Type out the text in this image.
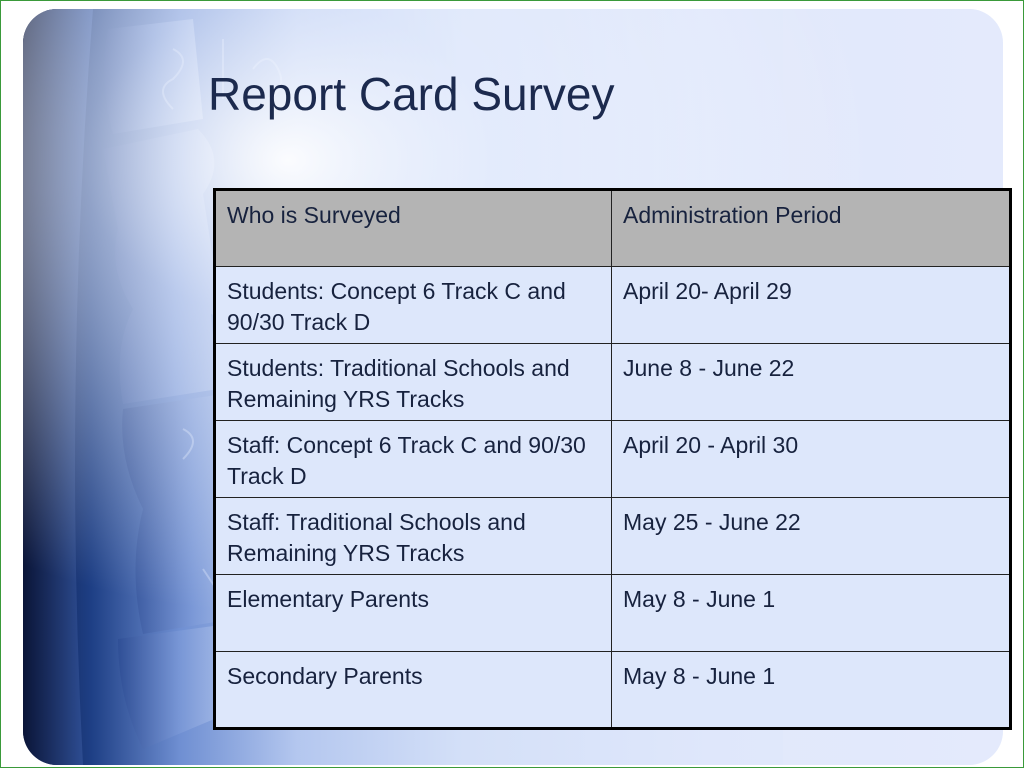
Report Card Survey
Who is Surveyed	Administration Period
Students: Concept 6 Track C and 90/30 Track D	April 20- April 29
Students: Traditional Schools and Remaining YRS Tracks	June 8 - June 22
Staff: Concept 6 Track C and 90/30 Track D	April 20 - April 30
Staff: Traditional Schools and Remaining YRS Tracks	May 25 - June 22
Elementary Parents	May 8 - June 1
Secondary Parents	May 8 - June 1
